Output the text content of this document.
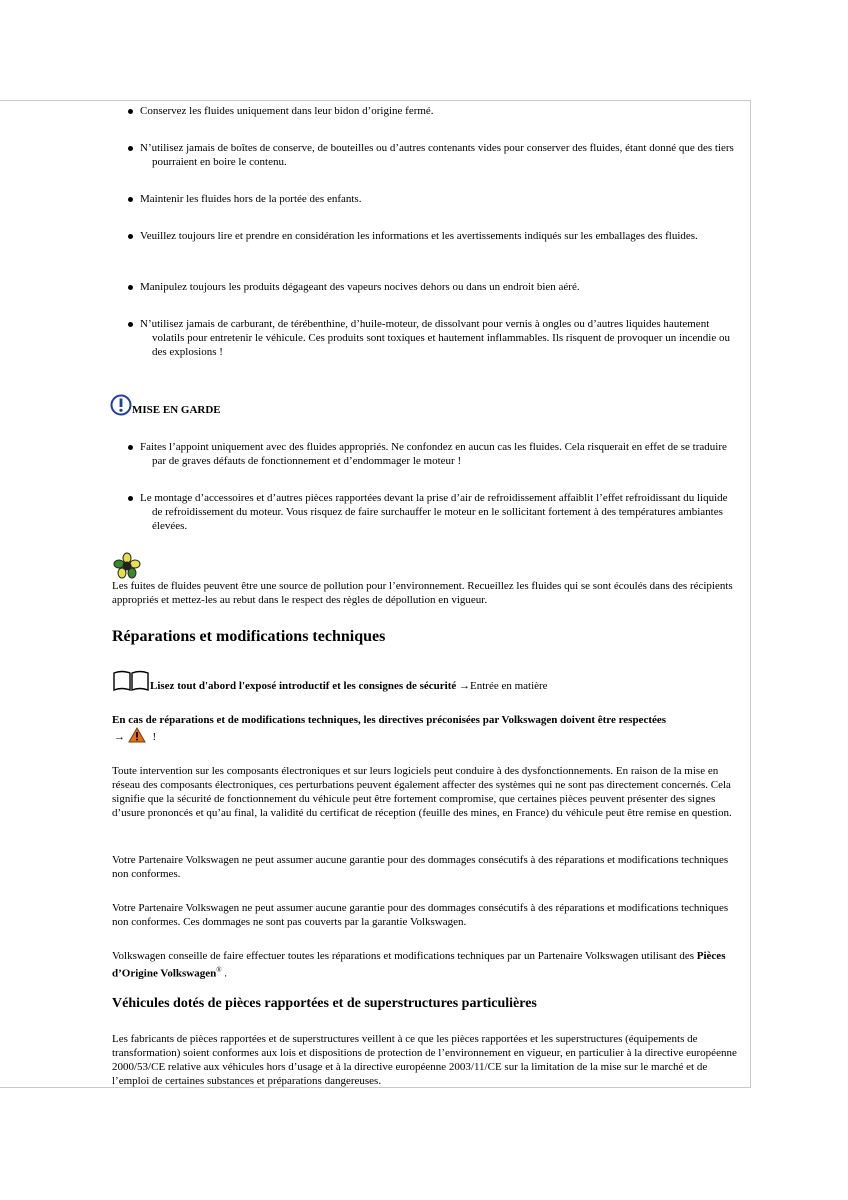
Conservez les fluides uniquement dans leur bidon d’origine fermé.
N’utilisez jamais de boîtes de conserve, de bouteilles ou d’autres contenants vides pour conserver des fluides, étant donné que des tiers pourraient en boire le contenu.
Maintenir les fluides hors de la portée des enfants.
Veuillez toujours lire et prendre en considération les informations et les avertissements indiqués sur les emballages des fluides.
Manipulez toujours les produits dégageant des vapeurs nocives dehors ou dans un endroit bien aéré.
N’utilisez jamais de carburant, de térébenthine, d’huile-moteur, de dissolvant pour vernis à ongles ou d’autres liquides hautement volatils pour entretenir le véhicule. Ces produits sont toxiques et hautement inflammables. Ils risquent de provoquer un incendie ou des explosions !
MISE EN GARDE
Faites l’appoint uniquement avec des fluides appropriés. Ne confondez en aucun cas les fluides. Cela risquerait en effet de se traduire par de graves défauts de fonctionnement et d’endommager le moteur !
Le montage d’accessoires et d’autres pièces rapportées devant la prise d’air de refroidissement affaiblit l’effet refroidissant du liquide de refroidissement du moteur. Vous risquez de faire surchauffer le moteur en le sollicitant fortement à des températures ambiantes élevées.
Les fuites de fluides peuvent être une source de pollution pour l’environnement. Recueillez les fluides qui se sont écoulés dans des récipients appropriés et mettez-les au rebut dans le respect des règles de dépollution en vigueur.
Réparations et modifications techniques
Lisez tout d'abord l'exposé introductif et les consignes de sécurité →Entrée en matière
En cas de réparations et de modifications techniques, les directives préconisées par Volkswagen doivent être respectées
→	!
Toute intervention sur les composants électroniques et sur leurs logiciels peut conduire à des dysfonctionnements. En raison de la mise en réseau des composants électroniques, ces perturbations peuvent également affecter des systèmes qui ne sont pas directement concernés. Cela signifie que la sécurité de fonctionnement du véhicule peut être fortement compromise, que certaines pièces peuvent présenter des signes d’usure prononcés et qu’au final, la validité du certificat de réception (feuille des mines, en France) du véhicule peut être remise en question.
Votre Partenaire Volkswagen ne peut assumer aucune garantie pour des dommages consécutifs à des réparations et modifications techniques non conformes.
Votre Partenaire Volkswagen ne peut assumer aucune garantie pour des dommages consécutifs à des réparations et modifications techniques non conformes. Ces dommages ne sont pas couverts par la garantie Volkswagen.
Volkswagen conseille de faire effectuer toutes les réparations et modifications techniques par un Partenaire Volkswagen utilisant des Pièces d’Origine Volkswagen® .
Véhicules dotés de pièces rapportées et de superstructures particulières
Les fabricants de pièces rapportées et de superstructures veillent à ce que les pièces rapportées et les superstructures (équipements de transformation) soient conformes aux lois et dispositions de protection de l’environnement en vigueur, en particulier à la directive européenne 2000/53/CE relative aux véhicules hors d’usage et à la directive européenne 2003/11/CE sur la limitation de la mise sur le marché et de l’emploi de certaines substances et préparations dangereuses.
